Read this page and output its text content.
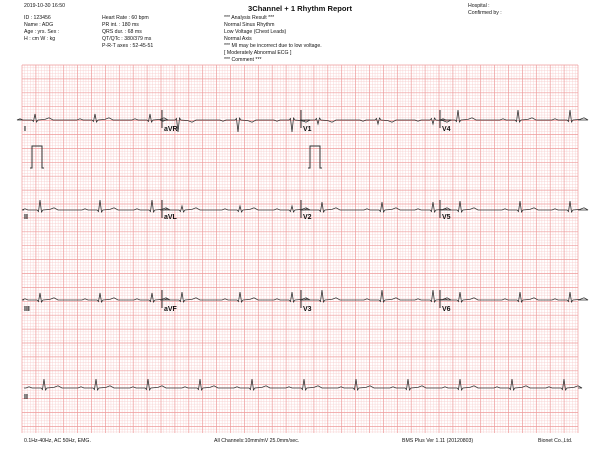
2019-10-30 16:50	3Channel + 1 Rhythm Report	Hospital :
Confirmed by :
ID : 123456
Name : ADG
Age : yrs. Sex :
H : cm W : kg
Heart Rate : 60 bpm
PR int. : 180 ms
QRS dur. : 68 ms
QT/QTc : 380/379 ms
P-R-T axes : 52-45-51
*** Analysis Result ***
Normal Sinus Rhythm
Low Voltage (Chest Leads)
Normal Axis
*** MI may be incorrect due to low voltage.
[ Moderately Abnormal ECG ]
*** Comment ***
I	aVR	V1	V4
II	aVL	V2	V5
III	aVF	V3	V6
II
0.1Hz-40Hz, AC 50Hz, EMG.	All Channels:10mm/mV 25.0mm/sec.	BMS Plus Ver 1.11 (20120803)	Bionet Co.,Ltd.
